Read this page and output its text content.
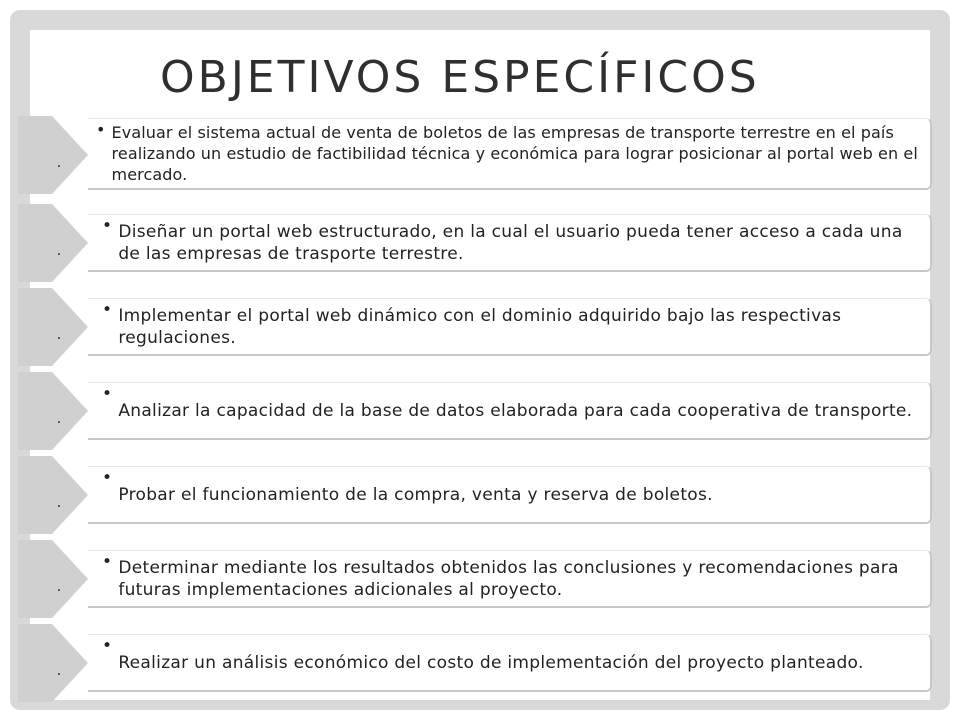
OBJETIVOS ESPECÍFICOS
.
• Evaluar el sistema actual de venta de boletos de las empresas de transporte terrestre en el país realizando un estudio de factibilidad técnica y económica para lograr posicionar al portal web en el mercado.
.
• Diseñar un portal web estructurado, en la cual el usuario pueda tener acceso a cada una de las empresas de trasporte terrestre.
.
• Implementar el portal web dinámico con el dominio adquirido bajo las respectivas regulaciones.
.
•
Analizar la capacidad de la base de datos elaborada para cada cooperativa de transporte.
.
•
Probar el funcionamiento de la compra, venta y reserva de boletos.
.
• Determinar mediante los resultados obtenidos las conclusiones y recomendaciones para futuras implementaciones adicionales al proyecto.
.
•
Realizar un análisis económico del costo de implementación del proyecto planteado.
